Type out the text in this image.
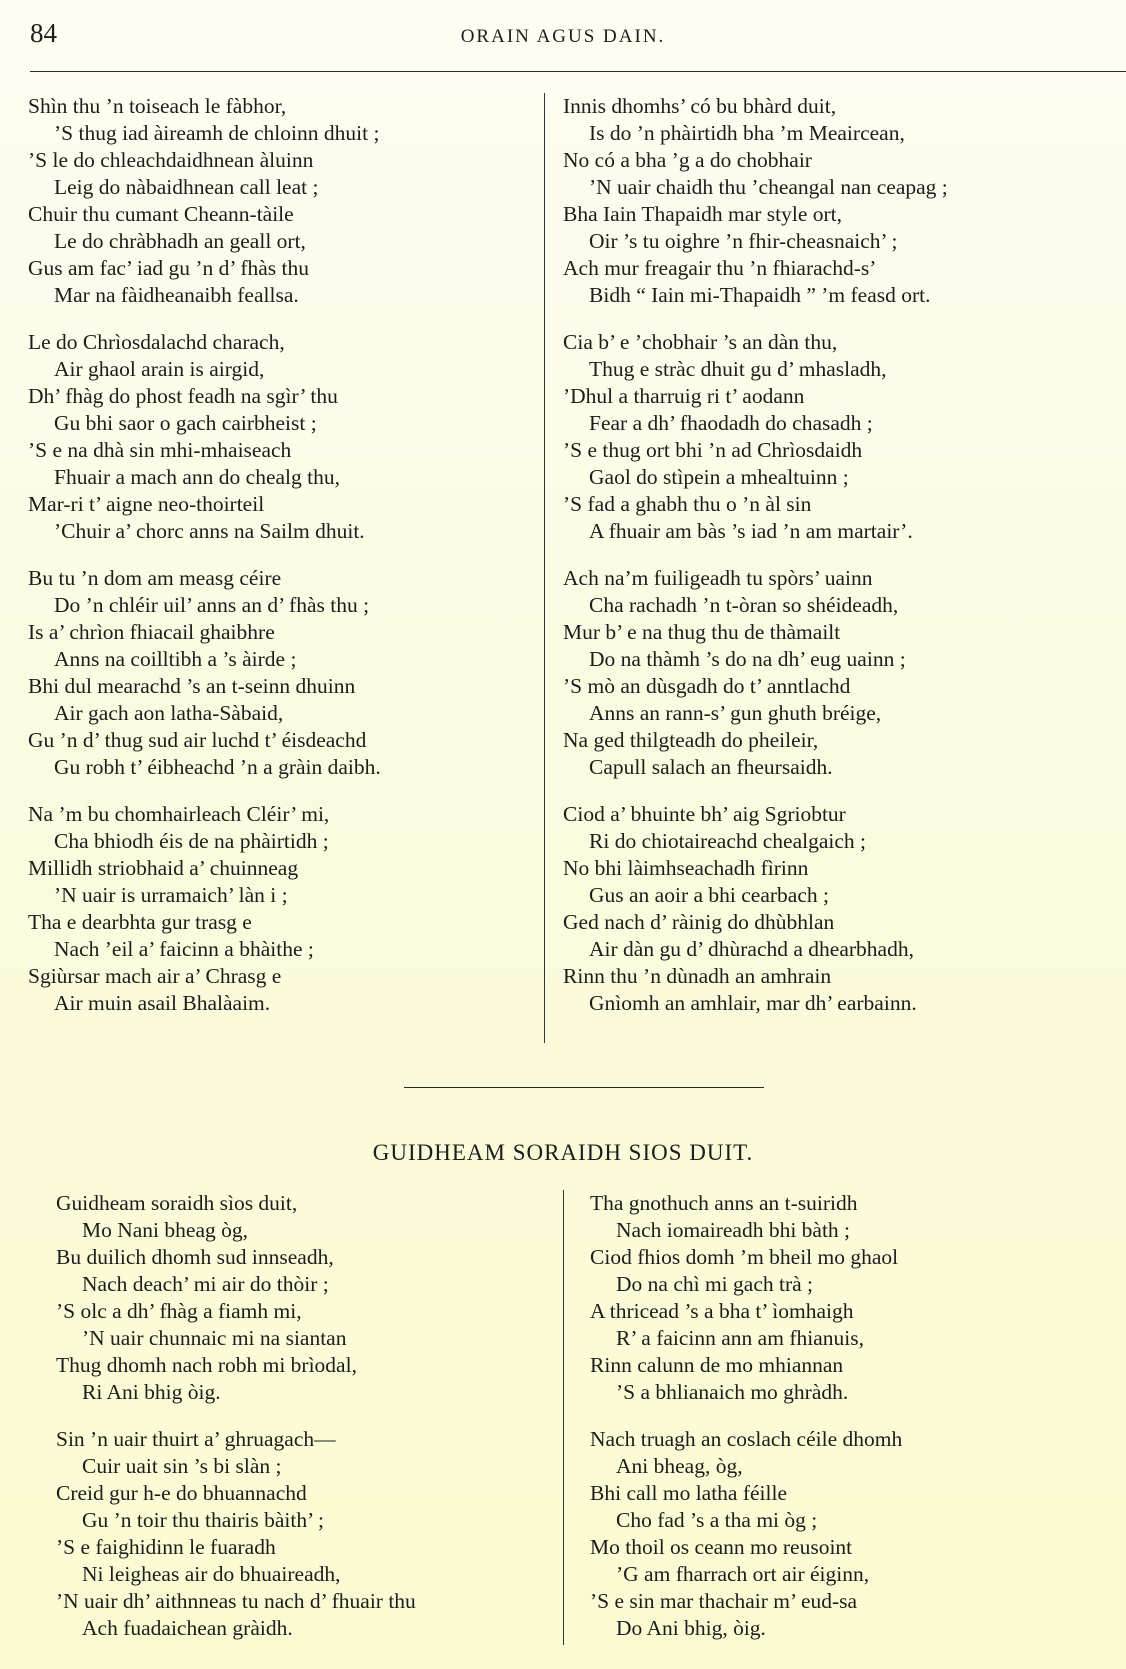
84	ORAIN AGUS DAIN.
Shìn thu ’n toiseach le fàbhor,
’S thug iad àireamh de chloinn dhuit ;
’S le do chleachdaidhnean àluinn
Leig do nàbaidhnean call leat ;
Chuir thu cumant Cheann-tàile
Le do chràbhadh an geall ort,
Gus am fac’ iad gu ’n d’ fhàs thu
Mar na fàidheanaibh feallsa.
Le do Chrìosdalachd charach,
Air ghaol arain is airgid,
Dh’ fhàg do phost feadh na sgìr’ thu
Gu bhi saor o gach cairbheist ;
’S e na dhà sin mhi-mhaiseach
Fhuair a mach ann do chealg thu,
Mar-ri t’ aigne neo-thoirteil
’Chuir a’ chorc anns na Sailm dhuit.
Bu tu ’n dom am measg céire
Do ’n chléir uil’ anns an d’ fhàs thu ;
Is a’ chrìon fhiacail ghaibhre
Anns na coilltibh a ’s àirde ;
Bhi dul mearachd ’s an t-seinn dhuinn
Air gach aon latha-Sàbaid,
Gu ’n d’ thug sud air luchd t’ éisdeachd
Gu robh t’ éibheachd ’n a gràin daibh.
Na ’m bu chomhairleach Cléir’ mi,
Cha bhiodh éis de na phàirtidh ;
Millidh striobhaid a’ chuinneag
’N uair is urramaich’ làn i ;
Tha e dearbhta gur trasg e
Nach ’eil a’ faicinn a bhàithe ;
Sgiùrsar mach air a’ Chrasg e
Air muin asail Bhalàaim.
Innis dhomhs’ có bu bhàrd duit,
Is do ’n phàirtidh bha ’m Meaircean,
No có a bha ’g a do chobhair
’N uair chaidh thu ’cheangal nan ceapag ;
Bha Iain Thapaidh mar style ort,
Oir ’s tu oighre ’n fhir-cheasnaich’ ;
Ach mur freagair thu ’n fhiarachd-s’
Bidh “ Iain mi-Thapaidh ” ’m feasd ort.
Cia b’ e ’chobhair ’s an dàn thu,
Thug e stràc dhuit gu d’ mhasladh,
’Dhul a tharruig ri t’ aodann
Fear a dh’ fhaodadh do chasadh ;
’S e thug ort bhi ’n ad Chrìosdaidh
Gaol do stìpein a mhealtuinn ;
’S fad a ghabh thu o ’n àl sin
A fhuair am bàs ’s iad ’n am martair’.
Ach na’m fuiligeadh tu spòrs’ uainn
Cha rachadh ’n t-òran so shéideadh,
Mur b’ e na thug thu de thàmailt
Do na thàmh ’s do na dh’ eug uainn ;
’S mò an dùsgadh do t’ anntlachd
Anns an rann-s’ gun ghuth bréige,
Na ged thilgteadh do pheileir,
Capull salach an fheursaidh.
Ciod a’ bhuinte bh’ aig Sgriobtur
Ri do chiotaireachd chealgaich ;
No bhi làimhseachadh fìrinn
Gus an aoir a bhi cearbach ;
Ged nach d’ ràinig do dhùbhlan
Air dàn gu d’ dhùrachd a dhearbhadh,
Rinn thu ’n dùnadh an amhrain
Gnìomh an amhlair, mar dh’ earbainn.
GUIDHEAM SORAIDH SIOS DUIT.
Guidheam soraidh sìos duit,
Mo Nani bheag òg,
Bu duilich dhomh sud innseadh,
Nach deach’ mi air do thòir ;
’S olc a dh’ fhàg a fiamh mi,
’N uair chunnaic mi na siantan
Thug dhomh nach robh mi brìodal,
Ri Ani bhig òig.
Sin ’n uair thuirt a’ ghruagach—
Cuir uait sin ’s bi slàn ;
Creid gur h-e do bhuannachd
Gu ’n toir thu thairis bàith’ ;
’S e faighidinn le fuaradh
Ni leigheas air do bhuaireadh,
’N uair dh’ aithnneas tu nach d’ fhuair thu
Ach fuadaichean gràidh.
Tha gnothuch anns an t-suiridh
Nach iomaireadh bhi bàth ;
Ciod fhios domh ’m bheil mo ghaol
Do na chì mi gach trà ;
A thricead ’s a bha t’ ìomhaigh
R’ a faicinn ann am fhianuis,
Rinn calunn de mo mhiannan
’S a bhlianaich mo ghràdh.
Nach truagh an coslach céile dhomh
Ani bheag, òg,
Bhi call mo latha féille
Cho fad ’s a tha mi òg ;
Mo thoil os ceann mo reusoint
’G am fharrach ort air éiginn,
’S e sin mar thachair m’ eud-sa
Do Ani bhig, òig.
